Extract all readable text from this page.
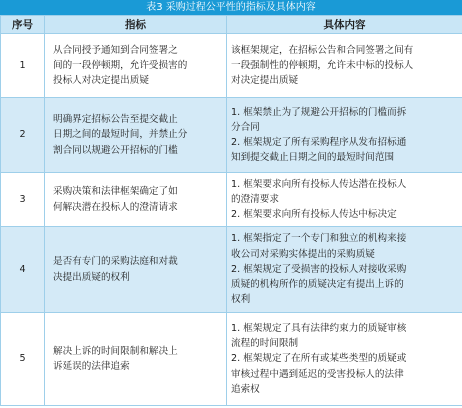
表3 采购过程公平性的指标及具体内容
序号	指标	具体内容
1	从合同授予通知到合同签署之
间的一段停顿期，允许受损害的
投标人对决定提出质疑	该框架规定，在招标公告和合同签署之间有
一段强制性的停顿期，允许未中标的投标人
对决定提出质疑

2	明确界定招标公告至提交截止
日期之间的最短时间，并禁止分
割合同以规避公开招标的门槛	1. 框架禁止为了规避公开招标的门槛而拆
分合同
2. 框架规定了所有采购程序从发布招标通
知到提交截止日期之间的最短时间范围

3	采购决策和法律框架确定了如
何解决潜在投标人的澄清请求	1. 框架要求向所有投标人传达潜在投标人
的澄清要求
2. 框架要求向所有投标人传达中标决定

4	是否有专门的采购法庭和对裁
决提出质疑的权利	1. 框架指定了一个专门和独立的机构来接
收公司对采购实体提出的采购质疑
2. 框架规定了受损害的投标人对接收采购
质疑的机构所作的质疑决定有提出上诉的
权利

5	解决上诉的时间限制和解决上
诉延误的法律追索	1. 框架规定了具有法律约束力的质疑审核
流程的时间限制
2. 框架规定了在所有或某些类型的质疑或
审核过程中遇到延迟的受害投标人的法律
追索权
